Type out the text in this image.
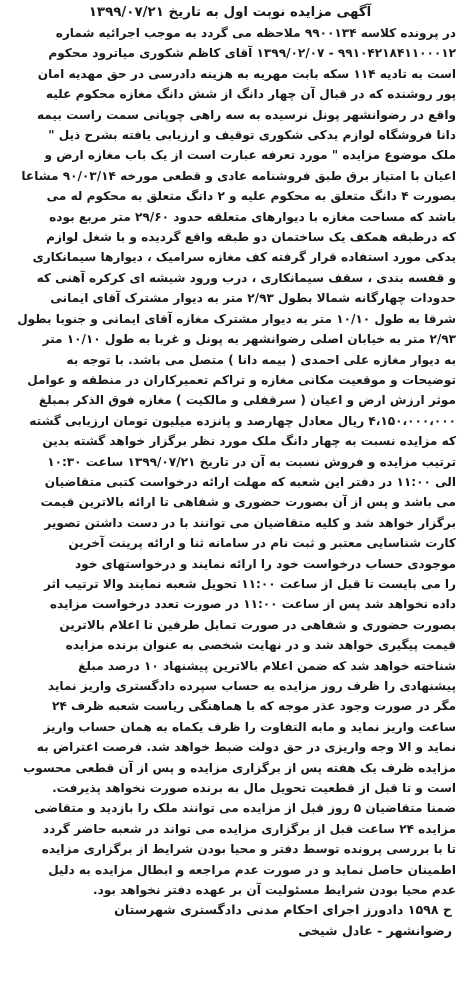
آگهی مزایده نوبت اول به تاریخ ۱۳۹۹/۰۷/۲۱
در پرونده کلاسه ۹۹۰۰۱۳۴ ملاحظه می گردد به موجب اجرائیه شماره
۹۹۱۰۴۲۱۸۴۱۱۰۰۰۱۲ - ۱۳۹۹/۰۲/۰۷ آقای کاظم شکوری میاترود محکوم
است به تادیه ۱۱۴ سکه بابت مهریه به هزینه دادرسی در حق مهدیه امان
پور روشنده که در قبال آن چهار دانگ از شش دانگ مغازه محکوم علیه
واقع در رضوانشهر پونل نرسیده به سه راهی چوپانی سمت راست بیمه
دانا فروشگاه لوازم یدکی شکوری توقیف و ارزیابی یافته بشرح ذیل "
ملک موضوع مزایده " مورد تعرفه عبارت است از یک باب مغازه ارض و
اعیان با امتیاز برق طبق فروشنامه عادی و قطعی مورخه ۹۰/۰۳/۱۴ مشاعا
بصورت ۴ دانگ متعلق به محکوم علیه و ۲ دانگ متعلق به محکوم له می
باشد که مساحت مغازه با دیوارهای متعلقه حدود ۲۹/۶۰ متر مربع بوده
که درطبقه همکف یک ساختمان دو طبقه واقع گردیده و با شغل لوازم
یدکی مورد استفاده قرار گرفته کف مغازه سرامیک ، دیوارها سیمانکاری
و قفسه بندی ، سقف سیمانکاری ، درب ورود شیشه ای کرکره آهنی که
حدودات چهارگانه شمالا بطول ۲/۹۳ متر به دیوار مشترک آقای ایمانی
شرقا به طول ۱۰/۱۰ متر به دیوار مشترک مغازه آقای ایمانی و جنوبا بطول
۲/۹۳ متر به خیابان اصلی رضوانشهر به پونل و غربا به طول ۱۰/۱۰ متر
به دیوار مغازه علی احمدی ( بیمه دانا ) متصل می باشد. با توجه به
توضیحات و موقعیت مکانی مغازه و تراکم تعمیرکاران در منطقه و عوامل
موثر ارزش ارض و اعیان ( سرقفلی و مالکیت ) مغازه فوق الذکر بمبلغ
۴،۱۵۰،۰۰۰،۰۰۰ ریال معادل چهارصد و پانزده میلیون تومان ارزیابی گشته
که مزایده نسبت به چهار دانگ ملک مورد نظر برگزار خواهد گشته بدین
ترتیب مزایده و فروش نسبت به آن در تاریخ ۱۳۹۹/۰۷/۲۱ ساعت ۱۰:۳۰
الی ۱۱:۰۰ در دفتر این شعبه که مهلت ارائه درخواست کتبی متقاضیان
می باشد و پس از آن بصورت حضوری و شفاهی تا ارائه بالاترین قیمت
برگزار خواهد شد و کلیه متقاضیان می توانند با در دست داشتن تصویر
کارت شناسایی معتبر و ثبت نام در سامانه ثنا و ارائه پرینت آخرین
موجودی حساب درخواست خود را ارائه نمایند و درخواستهای خود
را می بایست تا قبل از ساعت ۱۱:۰۰ تحویل شعبه نمایند والا ترتیب اثر
داده نخواهد شد پس از ساعت ۱۱:۰۰ در صورت تعدد درخواست مزایده
بصورت حضوری و شفاهی در صورت تمایل طرفین تا اعلام بالاترین
قیمت پیگیری خواهد شد و در نهایت شخصی به عنوان برنده مزایده
شناخته خواهد شد که ضمن اعلام بالاترین پیشنهاد ۱۰ درصد مبلغ
پیشنهادی را ظرف روز مزایده به حساب سپرده دادگستری واریز نماید
مگر در صورت وجود عذر موجه که با هماهنگی ریاست شعبه ظرف ۲۴
ساعت واریز نماید و مابه التفاوت را ظرف یکماه به همان حساب واریز
نماید و الا وجه واریزی در حق دولت ضبط خواهد شد. فرصت اعتراض به
مزایده ظرف یک هفته پس از برگزاری مزایده و پس از آن قطعی محسوب
است و تا قبل از قطعیت تحویل مال به برنده صورت نخواهد پذیرفت.
ضمنا متقاضیان ۵ روز قبل از مزایده می توانند ملک را بازدید و متقاضی
مزایده ۲۴ ساعت قبل از برگزاری مزایده می تواند در شعبه حاضر گردد
تا با بررسی پرونده توسط دفتر و محیا بودن شرایط از برگزاری مزایده
اطمینان حاصل نماید و در صورت عدم مراجعه و ابطال مزایده به دلیل
عدم محیا بودن شرایط مسئولیت آن بر عهده دفتر نخواهد بود.
ح ۱۵۹۸ دادورز اجرای احکام مدنی دادگستری شهرستان
رضوانشهر - عادل شیخی
